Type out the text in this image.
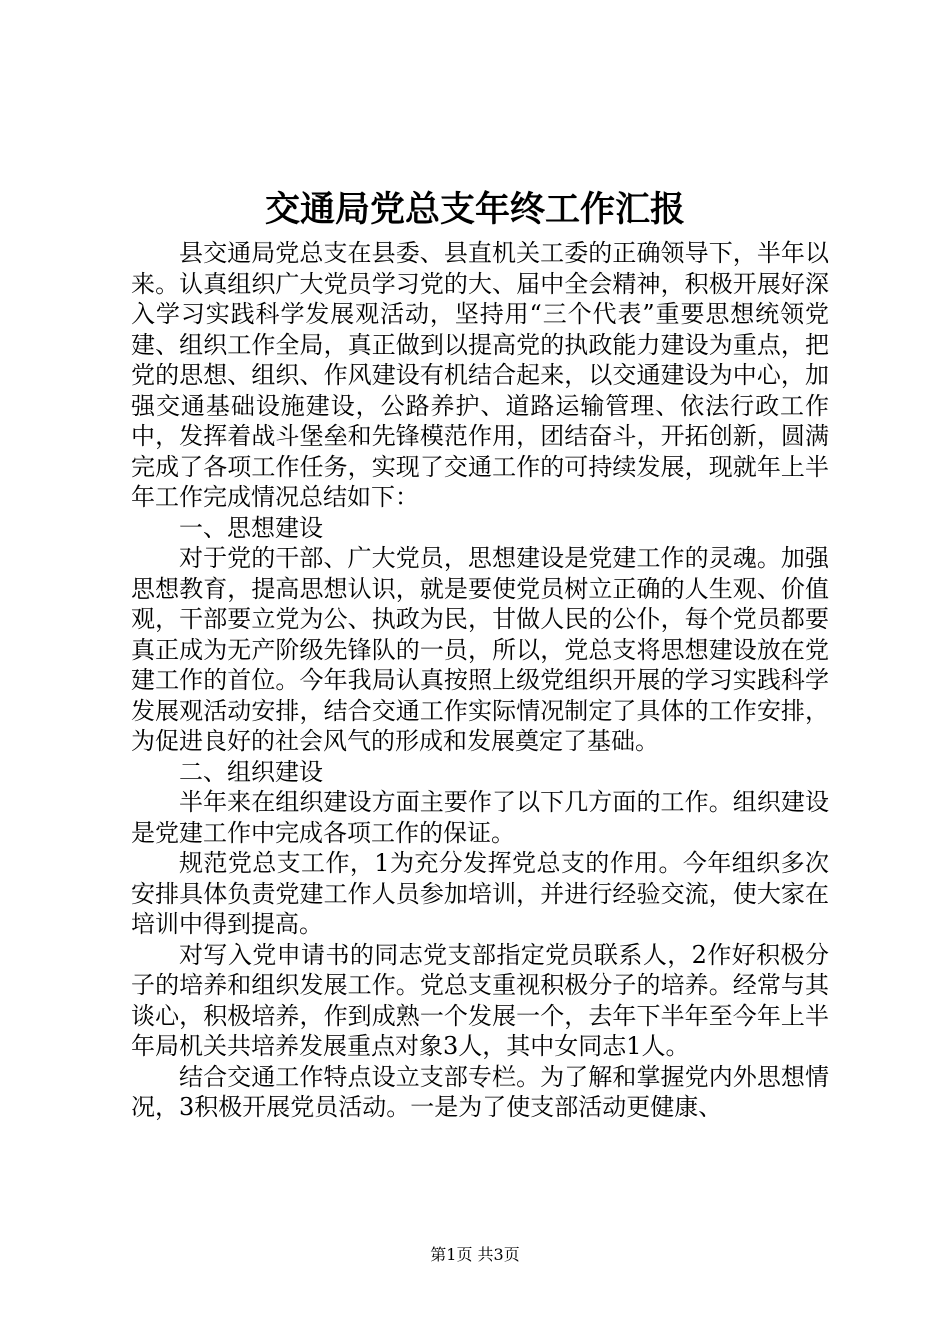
交通局党总支年终工作汇报

县交通局党总支在县委、县直机关工委的正确领导下，半年以来。认真组织广大党员学习党的大、届中全会精神，积极开展好深入学习实践科学发展观活动，坚持用“三个代表”重要思想统领党建、组织工作全局，真正做到以提高党的执政能力建设为重点，把党的思想、组织、作风建设有机结合起来，以交通建设为中心，加强交通基础设施建设，公路养护、道路运输管理、依法行政工作中，发挥着战斗堡垒和先锋模范作用，团结奋斗，开拓创新，圆满完成了各项工作任务，实现了交通工作的可持续发展，现就年上半年工作完成情况总结如下：

一、思想建设

对于党的干部、广大党员，思想建设是党建工作的灵魂。加强思想教育，提高思想认识，就是要使党员树立正确的人生观、价值观，干部要立党为公、执政为民，甘做人民的公仆，每个党员都要真正成为无产阶级先锋队的一员，所以，党总支将思想建设放在党建工作的首位。今年我局认真按照上级党组织开展的学习实践科学发展观活动安排，结合交通工作实际情况制定了具体的工作安排，为促进良好的社会风气的形成和发展奠定了基础。

二、组织建设

半年来在组织建设方面主要作了以下几方面的工作。组织建设是党建工作中完成各项工作的保证。

规范党总支工作，1为充分发挥党总支的作用。今年组织多次安排具体负责党建工作人员参加培训，并进行经验交流，使大家在培训中得到提高。

对写入党申请书的同志党支部指定党员联系人，2作好积极分子的培养和组织发展工作。党总支重视积极分子的培养。经常与其谈心，积极培养，作到成熟一个发展一个，去年下半年至今年上半年局机关共培养发展重点对象3人，其中女同志1人。

结合交通工作特点设立支部专栏。为了解和掌握党内外思想情况，3积极开展党员活动。一是为了使支部活动更健康、

第1页 共3页
